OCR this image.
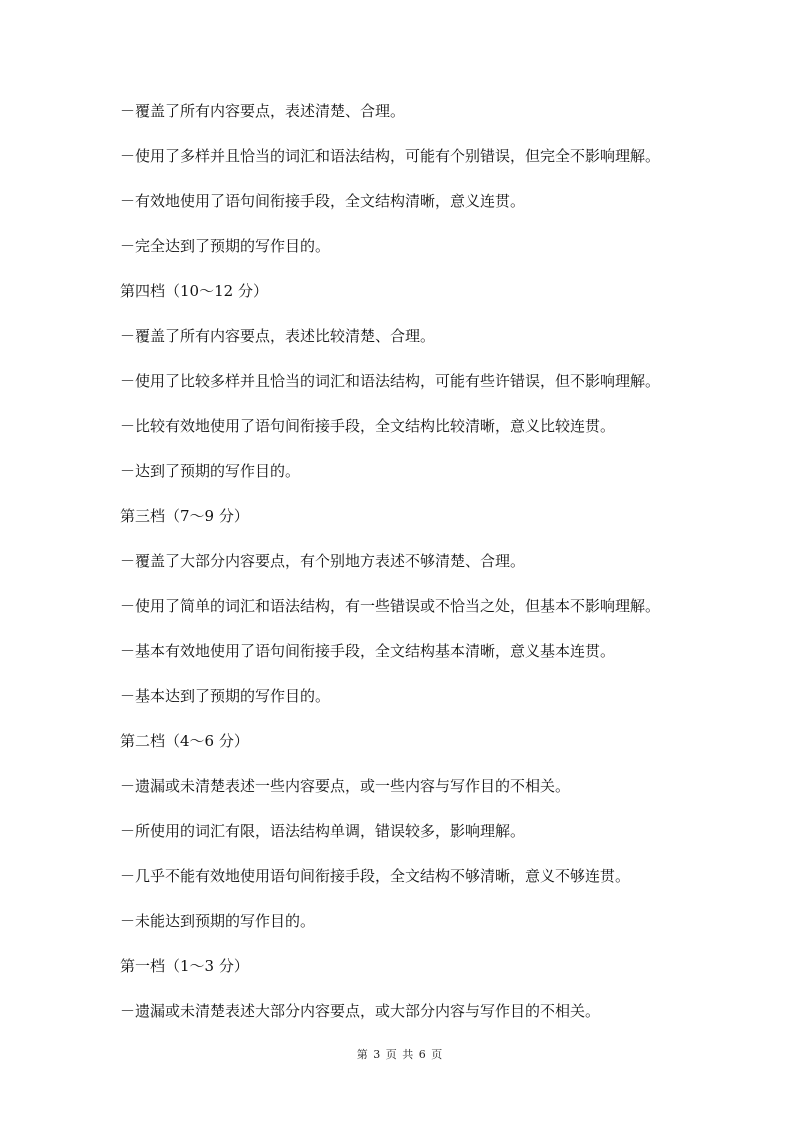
－覆盖了所有内容要点，表述清楚、合理。
－使用了多样并且恰当的词汇和语法结构，可能有个别错误，但完全不影响理解。
－有效地使用了语句间衔接手段，全文结构清晰，意义连贯。
－完全达到了预期的写作目的。
第四档（10～12 分）
－覆盖了所有内容要点，表述比较清楚、合理。
－使用了比较多样并且恰当的词汇和语法结构，可能有些许错误，但不影响理解。
－比较有效地使用了语句间衔接手段，全文结构比较清晰，意义比较连贯。
－达到了预期的写作目的。
第三档（7～9 分）
－覆盖了大部分内容要点，有个别地方表述不够清楚、合理。
－使用了简单的词汇和语法结构，有一些错误或不恰当之处，但基本不影响理解。
－基本有效地使用了语句间衔接手段，全文结构基本清晰，意义基本连贯。
－基本达到了预期的写作目的。
第二档（4～6 分）
－遗漏或未清楚表述一些内容要点，或一些内容与写作目的不相关。
－所使用的词汇有限，语法结构单调，错误较多，影响理解。
－几乎不能有效地使用语句间衔接手段，全文结构不够清晰，意义不够连贯。
－未能达到预期的写作目的。
第一档（1～3 分）
－遗漏或未清楚表述大部分内容要点，或大部分内容与写作目的不相关。
第 3 页 共 6 页
